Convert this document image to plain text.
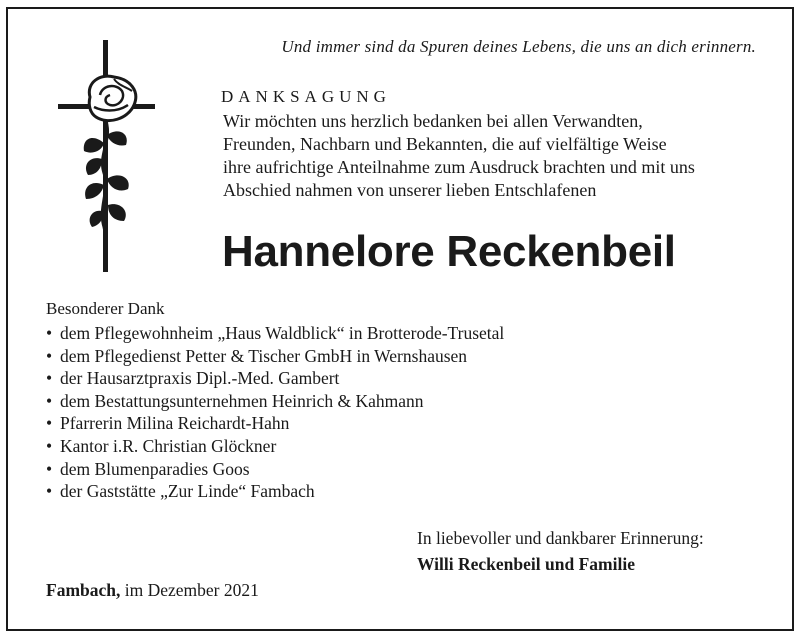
Und immer sind da Spuren deines Lebens, die uns an dich erinnern.
DANKSAGUNG

Wir möchten uns herzlich bedanken bei allen Verwandten,
Freunden, Nachbarn und Bekannten, die auf vielfältige Weise
ihre aufrichtige Anteilnahme zum Ausdruck brachten und mit uns
Abschied nahmen von unserer lieben Entschlafenen

Hannelore Reckenbeil
Besonderer Dank
• dem Pflegewohnheim „Haus Waldblick“ in Brotterode-Trusetal
• dem Pflegedienst Petter & Tischer GmbH in Wernshausen
• der Hausarztpraxis Dipl.-Med. Gambert
• dem Bestattungsunternehmen Heinrich & Kahmann
• Pfarrerin Milina Reichardt-Hahn
• Kantor i.R. Christian Glöckner
• dem Blumenparadies Goos
• der Gaststätte „Zur Linde“ Fambach
In liebevoller und dankbarer Erinnerung:
Willi Reckenbeil und Familie
Fambach, im Dezember 2021
